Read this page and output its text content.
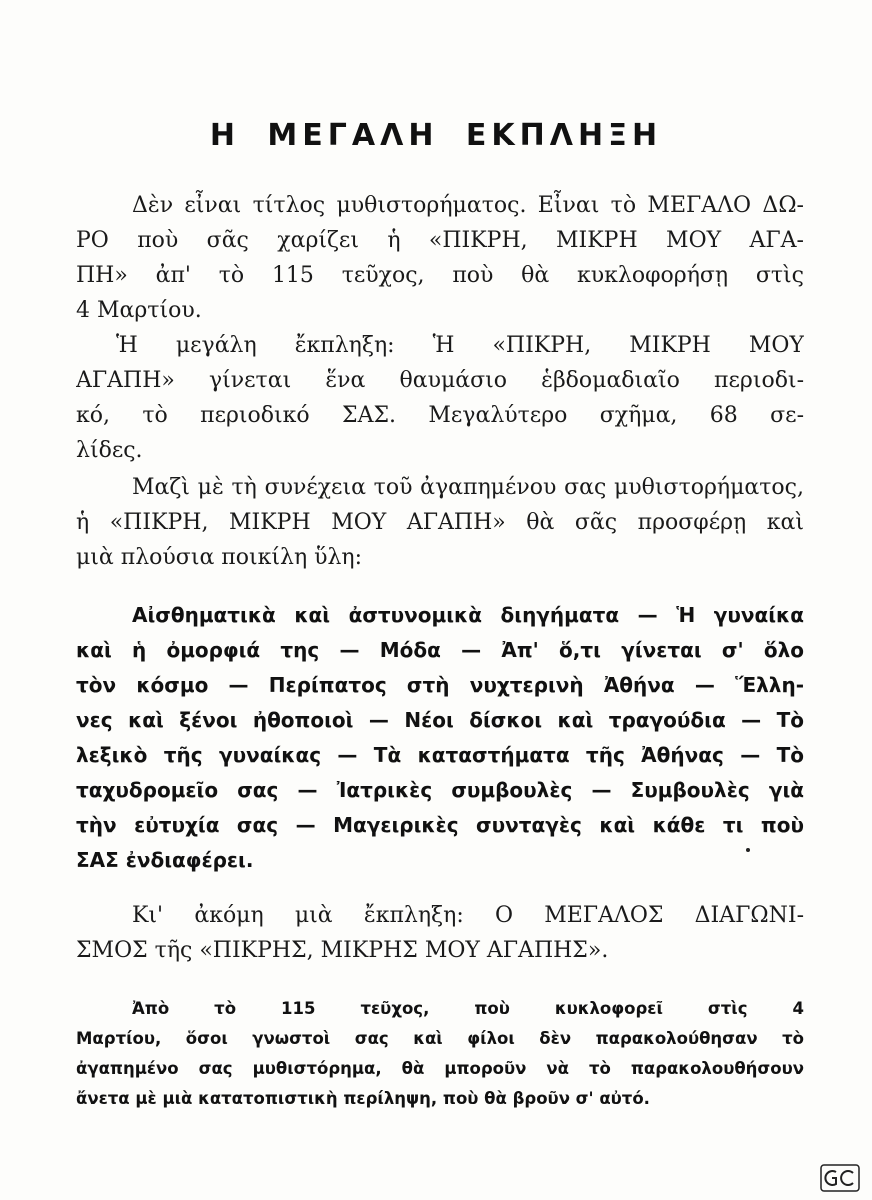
Η ΜΕΓΑΛΗ ΕΚΠΛΗΞΗ
Δὲν εἶναι τίτλος μυθιστορήματος. Εἶναι τὸ ΜΕΓΑΛΟ ΔΩ-
ΡΟ ποὺ σᾶς χαρίζει ἡ «ΠΙΚΡΗ, ΜΙΚΡΗ ΜΟΥ ΑΓΑ-
ΠΗ» ἀπ' τὸ 115 τεῦχος, ποὺ θὰ κυκλοφορήσῃ στὶς
4 Μαρτίου.
Ἡ μεγάλη ἔκπληξη: Ἡ «ΠΙΚΡΗ, ΜΙΚΡΗ ΜΟΥ
ΑΓΑΠΗ» γίνεται ἕνα θαυμάσιο ἑβδομαδιαῖο περιοδι-
κό, τὸ περιοδικό ΣΑΣ. Μεγαλύτερο σχῆμα, 68 σε-
λίδες.
Μαζὶ μὲ τὴ συνέχεια τοῦ ἀγαπημένου σας μυθιστορήματος,
ἡ «ΠΙΚΡΗ, ΜΙΚΡΗ ΜΟΥ ΑΓΑΠΗ» θὰ σᾶς προσφέρῃ καὶ
μιὰ πλούσια ποικίλη ὕλη:
Αἰσθηματικὰ καὶ ἀστυνομικὰ διηγήματα — Ἡ γυναίκα
καὶ ἡ ὀμορφιά της — Μόδα — Ἀπ' ὅ,τι γίνεται σ' ὅλο
τὸν κόσμο — Περίπατος στὴ νυχτερινὴ Ἀθήνα — Ἕλλη-
νες καὶ ξένοι ἠθοποιοὶ — Νέοι δίσκοι καὶ τραγούδια — Τὸ
λεξικὸ τῆς γυναίκας — Τὰ καταστήματα τῆς Ἀθήνας — Τὸ
ταχυδρομεῖο σας — Ἰατρικὲς συμβουλὲς — Συμβουλὲς γιὰ
τὴν εὐτυχία σας — Μαγειρικὲς συνταγὲς καὶ κάθε τι ποὺ
ΣΑΣ ἐνδιαφέρει.
Κι' ἀκόμη μιὰ ἔκπληξη: Ο ΜΕΓΑΛΟΣ ΔΙΑΓΩΝΙ-
ΣΜΟΣ τῆς «ΠΙΚΡΗΣ, ΜΙΚΡΗΣ ΜΟΥ ΑΓΑΠΗΣ».
Ἀπὸ τὸ 115 τεῦχος, ποὺ κυκλοφορεῖ στὶς 4
Μαρτίου, ὅσοι γνωστοὶ σας καὶ φίλοι δὲν παρακολούθησαν τὸ
ἀγαπημένο σας μυθιστόρημα, θὰ μποροῦν νὰ τὸ παρακολουθήσουν
ἄνετα μὲ μιὰ κατατοπιστικὴ περίληψη, ποὺ θὰ βροῦν σ' αὐτό.
